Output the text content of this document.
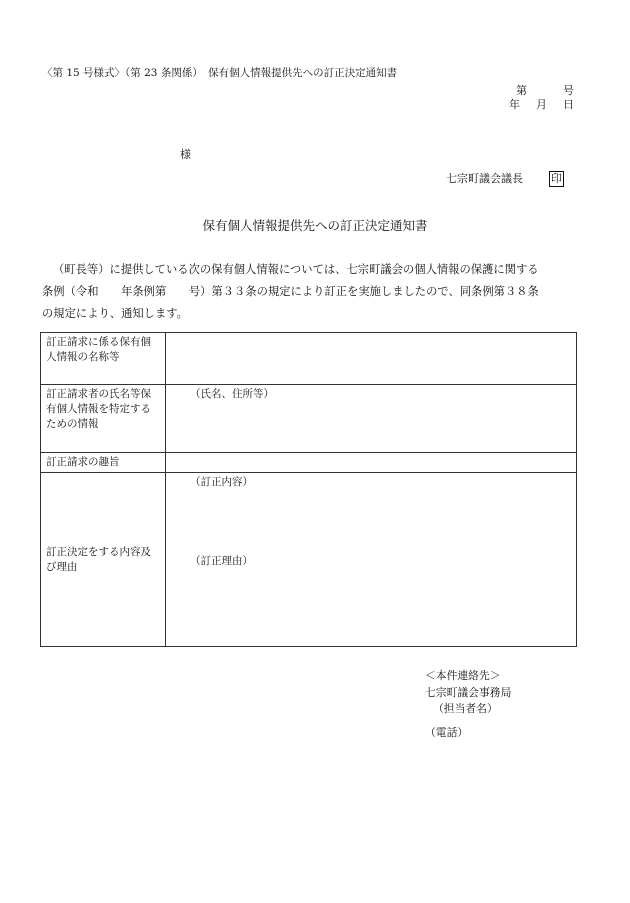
〈第 15 号様式〉（第 23 条関係）　保有個人情報提供先への訂正決定通知書
第	号
年 月 日
様
七宗町議会議長	印
保有個人情報提供先への訂正決定通知書
（町長等）に提供している次の保有個人情報については、七宗町議会の個人情報の保護に関する
条例（令和　　年条例第　　号）第３３条の規定により訂正を実施しましたので、同条例第３８条
の規定により、通知します。
訂正請求に係る保有個人情報の名称等	
訂正請求者の氏名等保有個人情報を特定するための情報	（氏名、住所等）
訂正請求の趣旨	
訂正決定をする内容及び理由	（訂正内容）
（訂正理由）
＜本件連絡先＞
七宗町議会事務局
（担当者名）
（電話）
